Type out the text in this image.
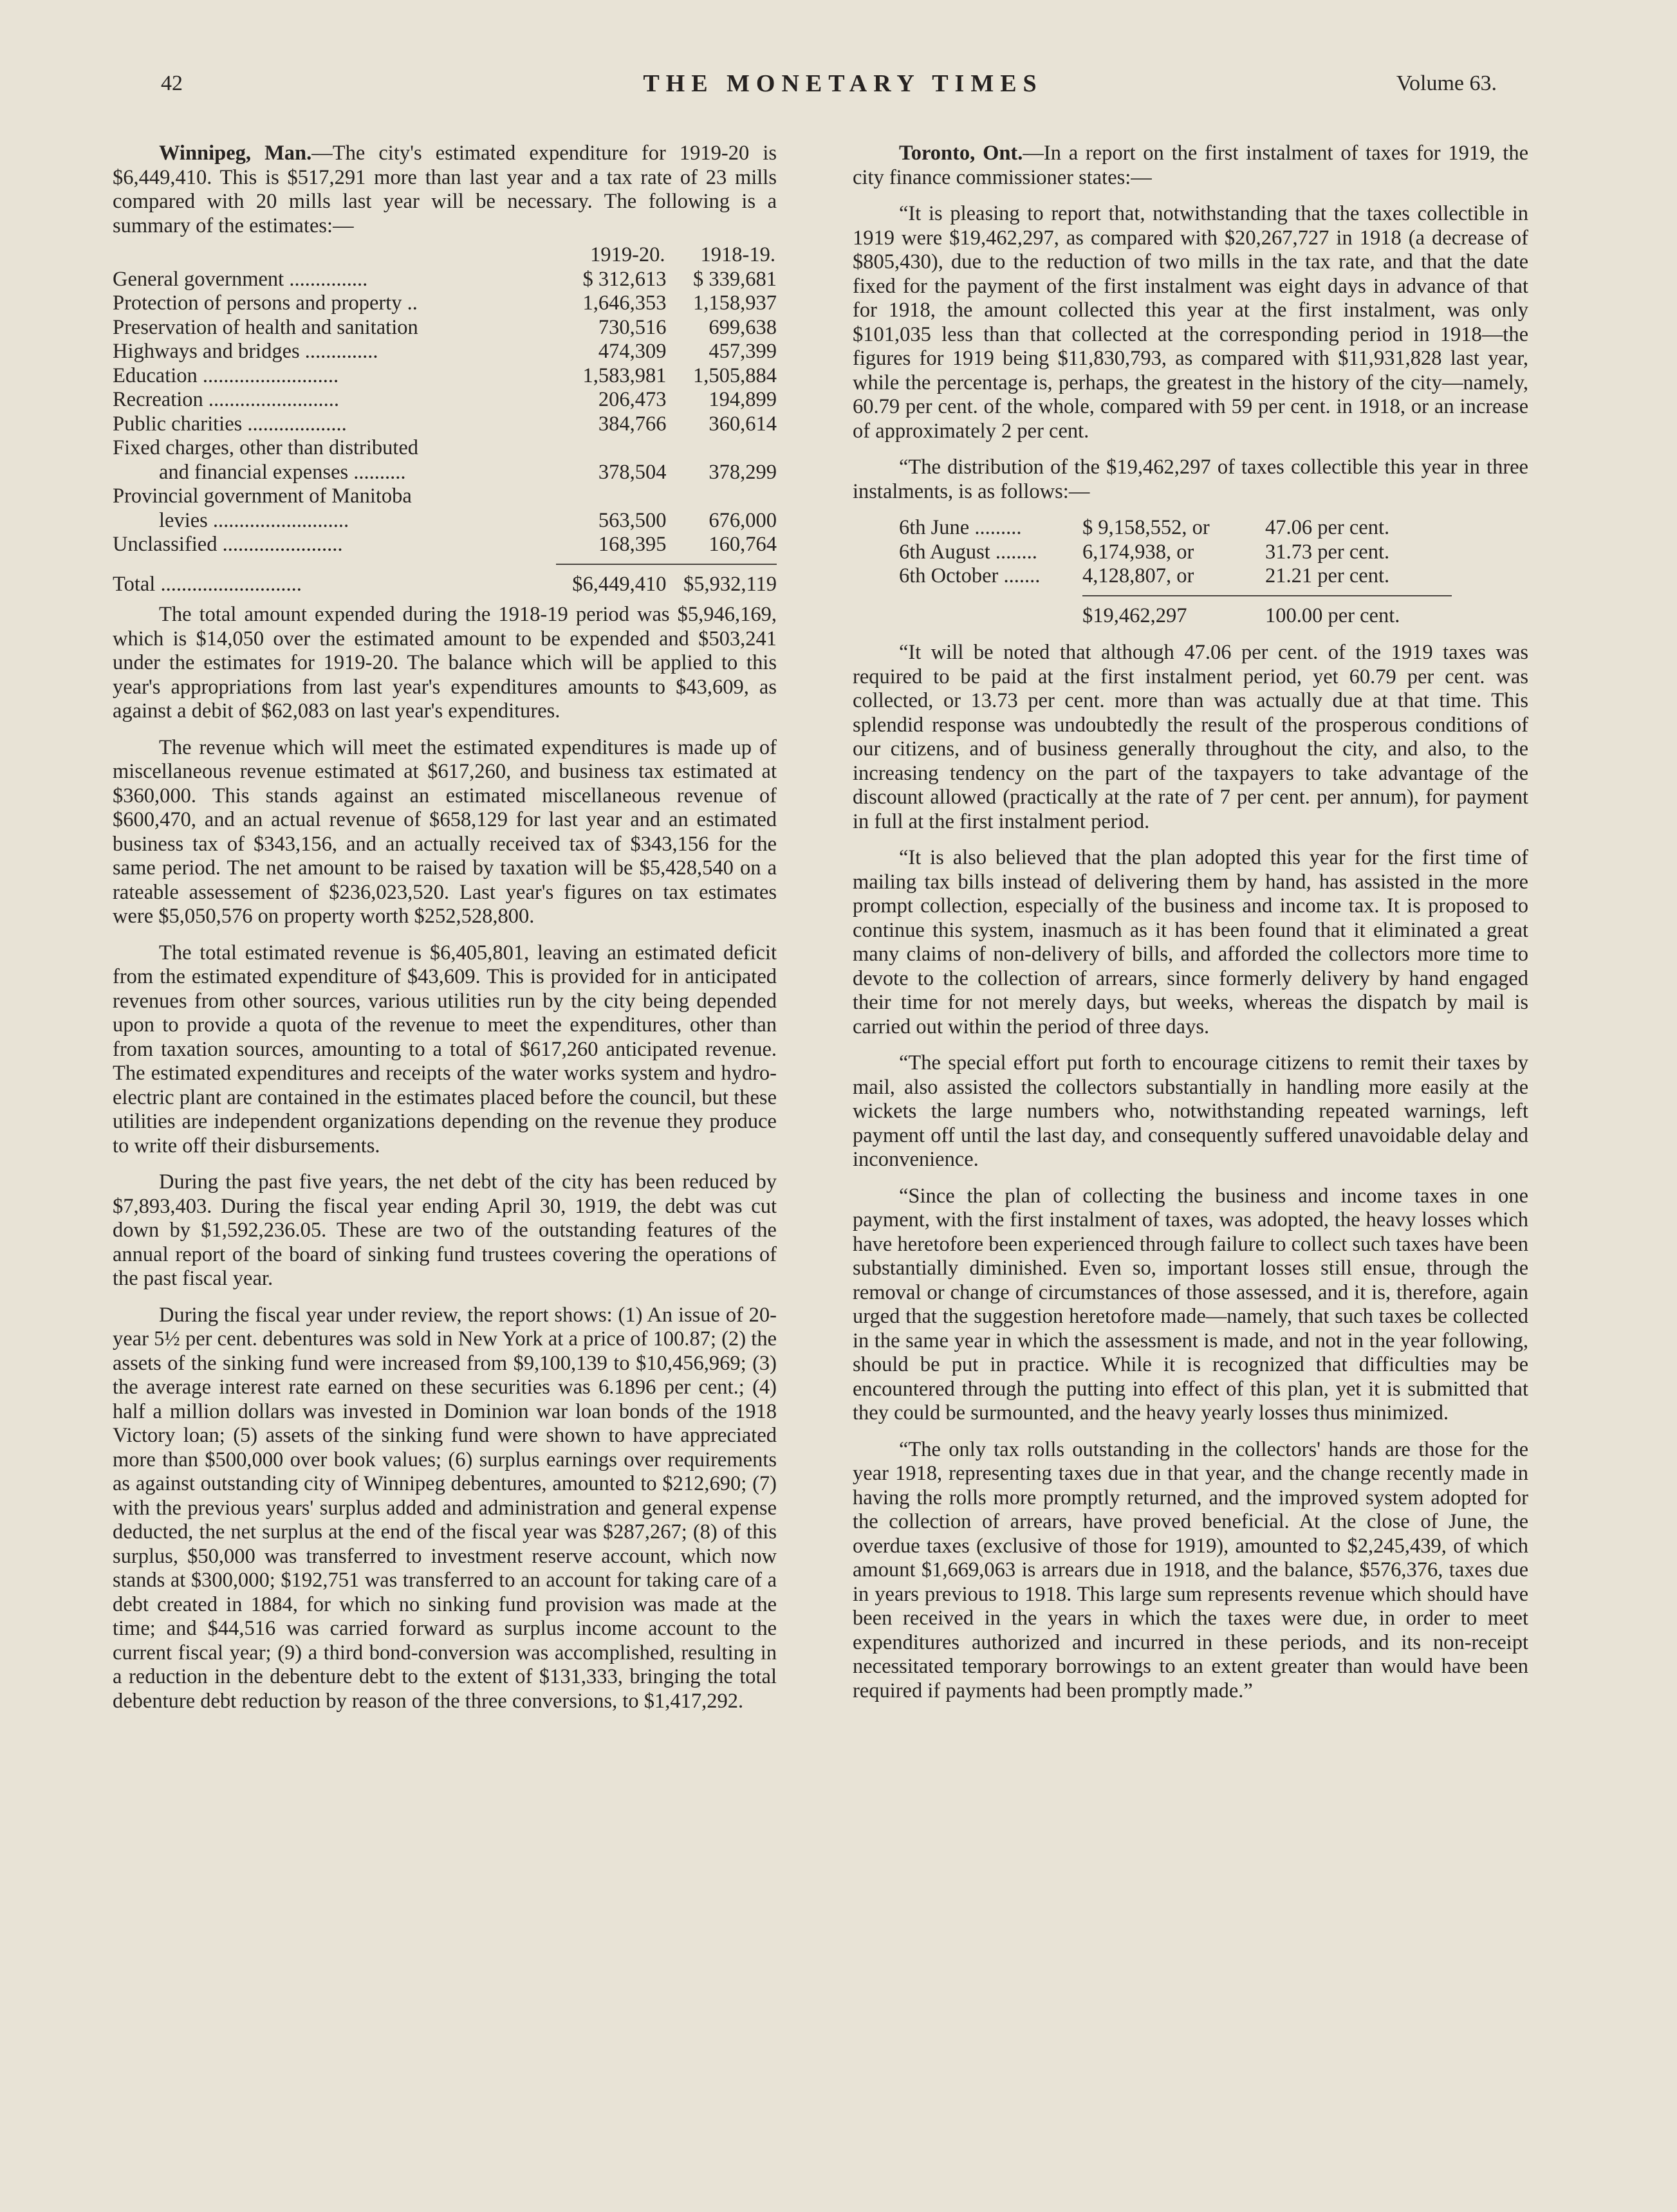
42	THE MONETARY TIMES	Volume 63.

Winnipeg, Man.—The city's estimated expenditure for 1919-20 is $6,449,410. This is $517,291 more than last year and a tax rate of 23 mills compared with 20 mills last year will be necessary. The following is a summary of the estimates:—

	1919-20.	1918-19.
General government ...............	$ 312,613	$ 339,681
Protection of persons and property ..	1,646,353	1,158,937
Preservation of health and sanitation	730,516	699,638
Highways and bridges ..............	474,309	457,399
Education ..........................	1,583,981	1,505,884
Recreation .........................	206,473	194,899
Public charities ...................	384,766	360,614
Fixed charges, other than distributed		
and financial expenses ..........	378,504	378,299
Provincial government of Manitoba		
levies ..........................	563,500	676,000
Unclassified .......................	168,395	160,764

Total ...........................	$6,449,410	$5,932,119

The total amount expended during the 1918-19 period was $5,946,169, which is $14,050 over the estimated amount to be expended and $503,241 under the estimates for 1919-20. The balance which will be applied to this year's appropriations from last year's expenditures amounts to $43,609, as against a debit of $62,083 on last year's expenditures.

The revenue which will meet the estimated expenditures is made up of miscellaneous revenue estimated at $617,260, and business tax estimated at $360,000. This stands against an estimated miscellaneous revenue of $600,470, and an actual revenue of $658,129 for last year and an estimated business tax of $343,156, and an actually received tax of $343,156 for the same period. The net amount to be raised by taxation will be $5,428,540 on a rateable assessement of $236,023,520. Last year's figures on tax estimates were $5,050,576 on property worth $252,528,800.

The total estimated revenue is $6,405,801, leaving an estimated deficit from the estimated expenditure of $43,609. This is provided for in anticipated revenues from other sources, various utilities run by the city being depended upon to provide a quota of the revenue to meet the expenditures, other than from taxation sources, amounting to a total of $617,260 anticipated revenue. The estimated expenditures and receipts of the water works system and hydro-electric plant are contained in the estimates placed before the council, but these utilities are independent organizations depending on the revenue they produce to write off their disbursements.

During the past five years, the net debt of the city has been reduced by $7,893,403. During the fiscal year ending April 30, 1919, the debt was cut down by $1,592,236.05. These are two of the outstanding features of the annual report of the board of sinking fund trustees covering the operations of the past fiscal year.

During the fiscal year under review, the report shows: (1) An issue of 20-year 5½ per cent. debentures was sold in New York at a price of 100.87; (2) the assets of the sinking fund were increased from $9,100,139 to $10,456,969; (3) the average interest rate earned on these securities was 6.1896 per cent.; (4) half a million dollars was invested in Dominion war loan bonds of the 1918 Victory loan; (5) assets of the sinking fund were shown to have appreciated more than $500,000 over book values; (6) surplus earnings over requirements as against outstanding city of Winnipeg debentures, amounted to $212,690; (7) with the previous years' surplus added and administration and general expense deducted, the net surplus at the end of the fiscal year was $287,267; (8) of this surplus, $50,000 was transferred to investment reserve account, which now stands at $300,000; $192,751 was transferred to an account for taking care of a debt created in 1884, for which no sinking fund provision was made at the time; and $44,516 was carried forward as surplus income account to the current fiscal year; (9) a third bond-conversion was accomplished, resulting in a reduction in the debenture debt to the extent of $131,333, bringing the total debenture debt reduction by reason of the three conversions, to $1,417,292.

Toronto, Ont.—In a report on the first instalment of taxes for 1919, the city finance commissioner states:—

“It is pleasing to report that, notwithstanding that the taxes collectible in 1919 were $19,462,297, as compared with $20,267,727 in 1918 (a decrease of $805,430), due to the reduction of two mills in the tax rate, and that the date fixed for the payment of the first instalment was eight days in advance of that for 1918, the amount collected this year at the first instalment, was only $101,035 less than that collected at the corresponding period in 1918—the figures for 1919 being $11,830,793, as compared with $11,931,828 last year, while the percentage is, perhaps, the greatest in the history of the city—namely, 60.79 per cent. of the whole, compared with 59 per cent. in 1918, or an increase of approximately 2 per cent.

“The distribution of the $19,462,297 of taxes collectible this year in three instalments, is as follows:—

6th June .........	$ 9,158,552, or	47.06 per cent.
6th August ........	6,174,938, or	31.73 per cent.
6th October .......	4,128,807, or	21.21 per cent.

	$19,462,297	100.00 per cent.

“It will be noted that although 47.06 per cent. of the 1919 taxes was required to be paid at the first instalment period, yet 60.79 per cent. was collected, or 13.73 per cent. more than was actually due at that time. This splendid response was undoubtedly the result of the prosperous conditions of our citizens, and of business generally throughout the city, and also, to the increasing tendency on the part of the taxpayers to take advantage of the discount allowed (practically at the rate of 7 per cent. per annum), for payment in full at the first instalment period.

“It is also believed that the plan adopted this year for the first time of mailing tax bills instead of delivering them by hand, has assisted in the more prompt collection, especially of the business and income tax. It is proposed to continue this system, inasmuch as it has been found that it eliminated a great many claims of non-delivery of bills, and afforded the collectors more time to devote to the collection of arrears, since formerly delivery by hand engaged their time for not merely days, but weeks, whereas the dispatch by mail is carried out within the period of three days.

“The special effort put forth to encourage citizens to remit their taxes by mail, also assisted the collectors substantially in handling more easily at the wickets the large numbers who, notwithstanding repeated warnings, left payment off until the last day, and consequently suffered unavoidable delay and inconvenience.

“Since the plan of collecting the business and income taxes in one payment, with the first instalment of taxes, was adopted, the heavy losses which have heretofore been experienced through failure to collect such taxes have been substantially diminished. Even so, important losses still ensue, through the removal or change of circumstances of those assessed, and it is, therefore, again urged that the suggestion heretofore made—namely, that such taxes be collected in the same year in which the assessment is made, and not in the year following, should be put in practice. While it is recognized that difficulties may be encountered through the putting into effect of this plan, yet it is submitted that they could be surmounted, and the heavy yearly losses thus minimized.

“The only tax rolls outstanding in the collectors' hands are those for the year 1918, representing taxes due in that year, and the change recently made in having the rolls more promptly returned, and the improved system adopted for the collection of arrears, have proved beneficial. At the close of June, the overdue taxes (exclusive of those for 1919), amounted to $2,245,439, of which amount $1,669,063 is arrears due in 1918, and the balance, $576,376, taxes due in years previous to 1918. This large sum represents revenue which should have been received in the years in which the taxes were due, in order to meet expenditures authorized and incurred in these periods, and its non-receipt necessitated temporary borrowings to an extent greater than would have been required if payments had been promptly made.”
